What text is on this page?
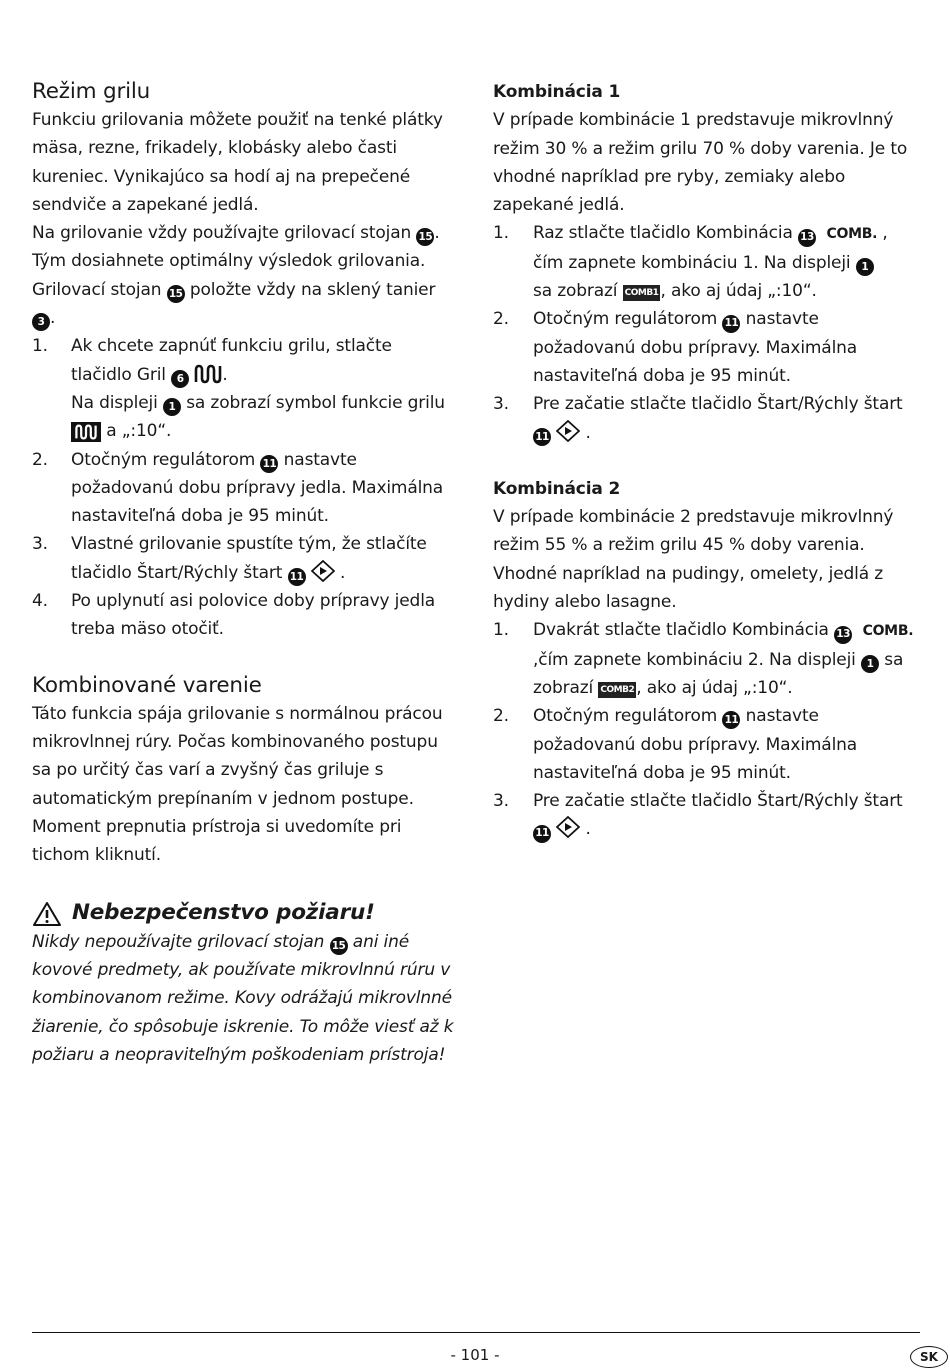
Režim grilu

Funkciu grilovania môžete použiť na tenké plátky mäsa, rezne, frikadely, klobásky alebo časti kureniec. Vynikajúco sa hodí aj na prepečené sendviče a zapekané jedlá.

Na grilovanie vždy používajte grilovací stojan 15 . Tým dosiahnete optimálny výsledok grilovania.

Grilovací stojan 15 položte vždy na sklený tanier 3 .

1. Ak chcete zapnúť funkciu grilu, stlačte tlačidlo Gril 6 .
Na displeji 1 sa zobrazí symbol funkcie grilu

a „:10“.
2. Otočným regulátorom 11 nastavte požadovanú dobu prípravy jedla. Maximálna nastaviteľná doba je 95 minút.
3. Vlastné grilovanie spustíte tým, že stlačíte tlačidlo Štart/Rýchly štart 11  .
4. Po uplynutí asi polovice doby prípravy jedla treba mäso otočiť.
Kombinované varenie

Táto funkcia spája grilovanie s normálnou prácou mikrovlnnej rúry. Počas kombinovaného postupu sa po určitý čas varí a zvyšný čas griluje s automatickým prepínaním v jednom postupe. Moment prepnutia prístroja si uvedomíte pri tichom kliknutí.

Nebezpečenstvo požiaru!

Nikdy nepoužívajte grilovací stojan 15 ani iné kovové predmety, ak používate mikrovlnnú rúru v kombinovanom režime. Kovy odrážajú mikrovlnné žiarenie, čo spôsobuje iskrenie. To môže viesť až k požiaru a neopraviteľným poškodeniam prístroja!

Kombinácia 1

V prípade kombinácie 1 predstavuje mikrovlnný režim 30 % a režim grilu 70 % doby varenia. Je to vhodné napríklad pre ryby, zemiaky alebo zapekané jedlá.

1. Raz stlačte tlačidlo Kombinácia 13 COMB. , čím zapnete kombináciu 1. Na displeji 1
sa zobrazí COMB1 , ako aj údaj „:10“.
2. Otočným regulátorom 11 nastavte požadovanú dobu prípravy. Maximálna nastaviteľná doba je 95 minút.
3. Pre začatie stlačte tlačidlo Štart/Rýchly štart 11  .
Kombinácia 2

V prípade kombinácie 2 predstavuje mikrovlnný režim 55 % a režim grilu 45 % doby varenia. Vhodné napríklad na pudingy, omelety, jedlá z hydiny alebo lasagne.

1. Dvakrát stlačte tlačidlo Kombinácia 13 COMB.
,čím zapnete kombináciu 2. Na displeji 1 sa
zobrazí COMB2 , ako aj údaj „:10“.
2. Otočným regulátorom 11 nastavte požadovanú dobu prípravy. Maximálna nastaviteľná doba je 95 minút.
3. Pre začatie stlačte tlačidlo Štart/Rýchly štart 11  .
- 101 -	SK
